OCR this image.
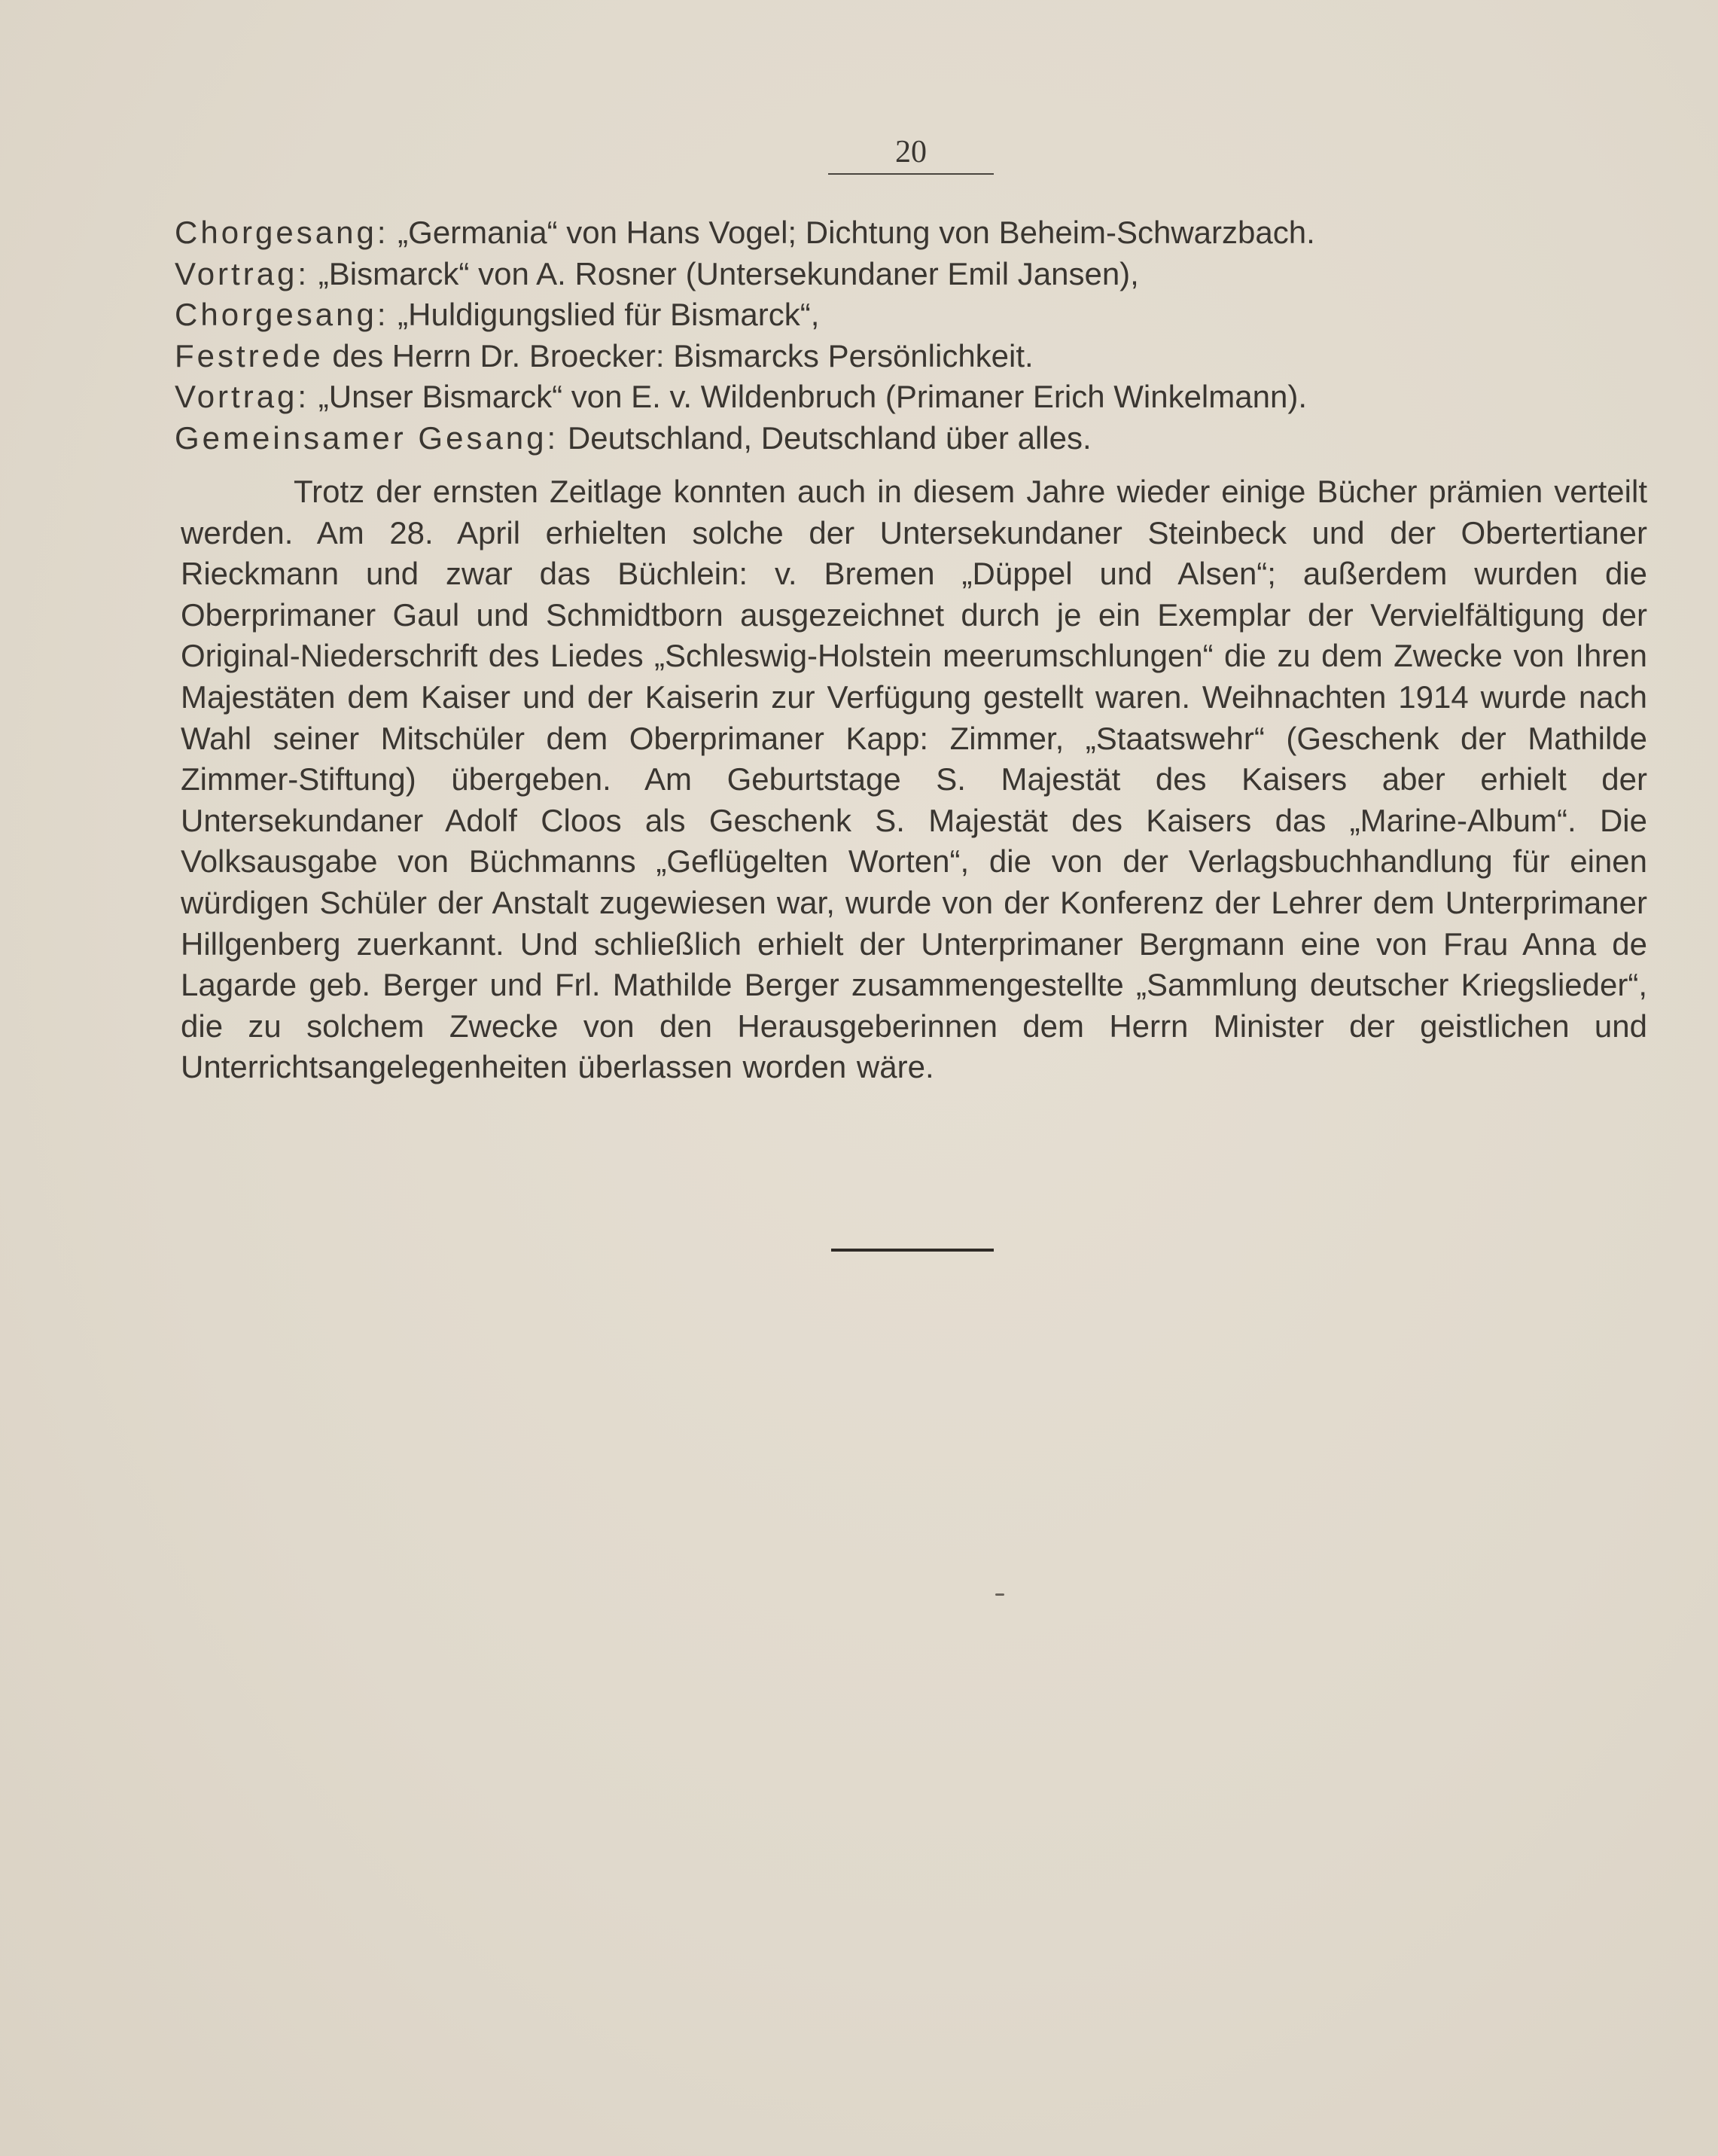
20
Chorgesang: „Germania“ von Hans Vogel; Dichtung von Beheim-Schwarzbach.
Vortrag: „Bismarck“ von A. Rosner (Untersekundaner Emil Jansen),
Chorgesang: „Huldigungslied für Bismarck“,
Festrede des Herrn Dr. Broecker: Bismarcks Persönlichkeit.
Vortrag: „Unser Bismarck“ von E. v. Wildenbruch (Primaner Erich Winkelmann).
Gemeinsamer Gesang: Deutschland, Deutschland über alles.

Trotz der ernsten Zeitlage konnten auch in diesem Jahre wieder einige Bücher prämien verteilt werden. Am 28. April erhielten solche der Untersekundaner Steinbeck und der Obertertianer Rieckmann und zwar das Büchlein: v. Bremen „Düppel und Alsen“; außerdem wurden die Oberprimaner Gaul und Schmidtborn ausgezeichnet durch je ein Exemplar der Vervielfältigung der Original-Niederschrift des Liedes „Schleswig-Holstein meerumschlungen“ die zu dem Zwecke von Ihren Majestäten dem Kaiser und der Kaiserin zur Verfügung gestellt waren. Weihnachten 1914 wurde nach Wahl seiner Mitschüler dem Oberprimaner Kapp: Zimmer, „Staatswehr“ (Geschenk der Mathilde Zimmer-Stiftung) übergeben. Am Geburtstage S. Majestät des Kaisers aber erhielt der Untersekundaner Adolf Cloos als Geschenk S. Majestät des Kaisers das „Marine-Album“. Die Volksausgabe von Büchmanns „Geflügelten Worten“, die von der Verlagsbuchhandlung für einen würdigen Schüler der Anstalt zugewiesen war, wurde von der Konferenz der Lehrer dem Unterprimaner Hillgenberg zuerkannt. Und schließlich erhielt der Unterprimaner Bergmann eine von Frau Anna de Lagarde geb. Berger und Frl. Mathilde Berger zusammengestellte „Sammlung deutscher Kriegslieder“, die zu solchem Zwecke von den Herausgeberinnen dem Herrn Minister der geistlichen und Unterrichtsangelegenheiten überlassen worden wäre.
